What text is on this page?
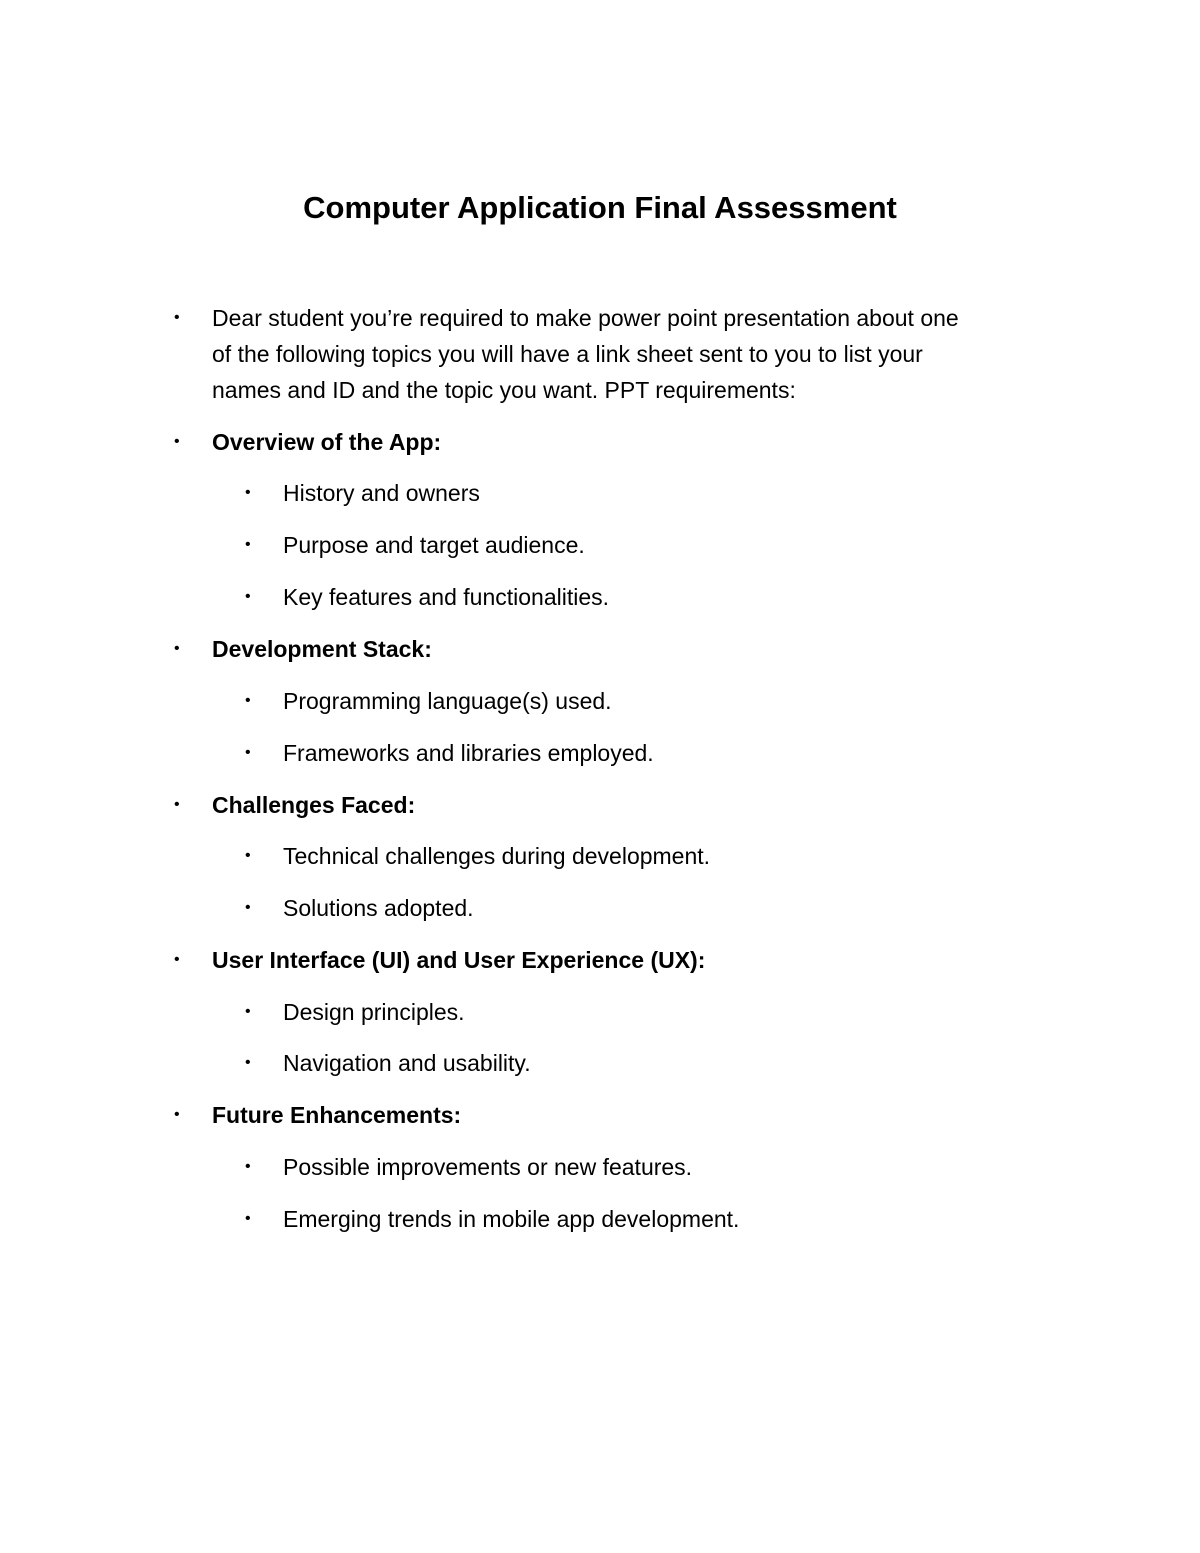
Computer Application Final Assessment
• Dear student you’re required to make power point presentation about one
of the following topics you will have a link sheet sent to you to list your
names and ID and the topic you want. PPT requirements:
• Overview of the App:
• History and owners
• Purpose and target audience.
• Key features and functionalities.
• Development Stack:
• Programming language(s) used.
• Frameworks and libraries employed.
• Challenges Faced:
• Technical challenges during development.
• Solutions adopted.
• User Interface (UI) and User Experience (UX):
• Design principles.
• Navigation and usability.
• Future Enhancements:
• Possible improvements or new features.
• Emerging trends in mobile app development.
